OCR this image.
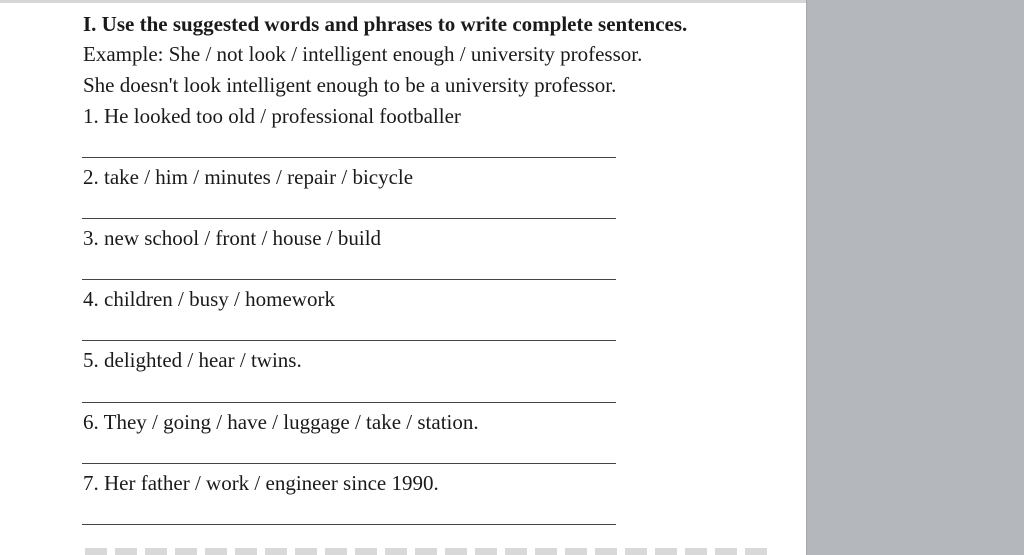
I. Use the suggested words and phrases to write complete sentences.

Example: She / not look / intelligent enough / university professor.

She doesn't look intelligent enough to be a university professor.

1. He looked too old / professional footballer

2. take / him / minutes / repair / bicycle

3. new school / front / house / build

4. children / busy / homework

5. delighted / hear / twins.

6. They / going / have / luggage / take / station.

7. Her father / work / engineer since 1990.
